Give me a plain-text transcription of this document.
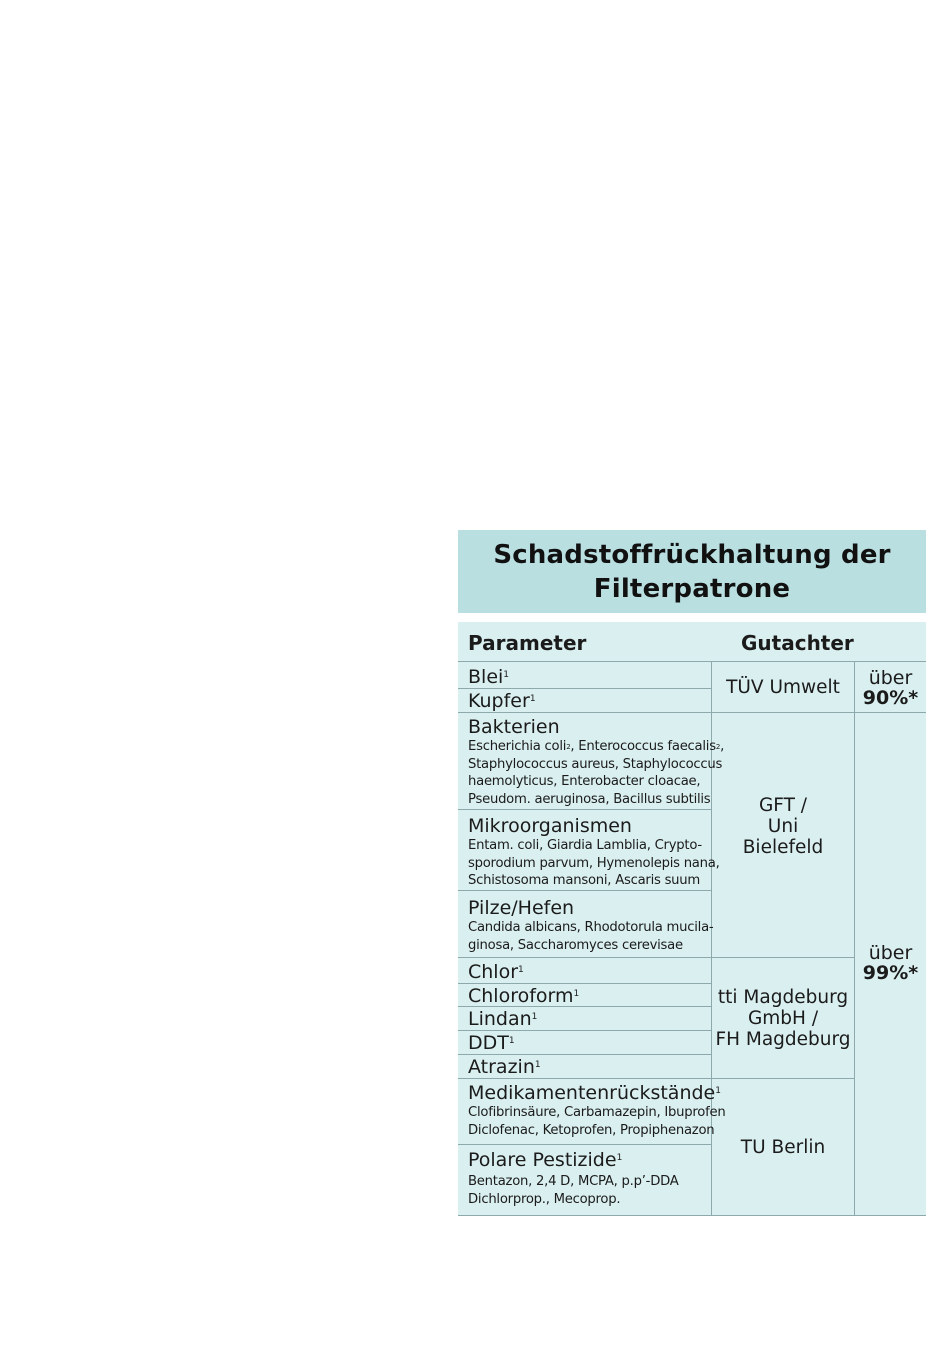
Schadstoffrückhaltung der
Filterpatrone
Parameter	Gutachter
Blei$^1$
Kupfer$^1$
Bakterien
Escherichia coli$^2$, Enterococcus faecalis$^2$,
Staphylococcus aureus, Staphylococcus
haemolyticus, Enterobacter cloacae,
Pseudom. aeruginosa, Bacillus subtilis
Mikroorganismen
Entam. coli, Giardia Lamblia, Crypto-
sporodium parvum, Hymenolepis nana,
Schistosoma mansoni, Ascaris suum
Pilze/Hefen
Candida albicans, Rhodotorula mucila-
ginosa, Saccharomyces cerevisae
Chlor$^1$
Chloroform$^1$
Lindan$^1$
DDT$^1$
Atrazin$^1$
Medikamentenrückstände$^1$
Clofibrinsäure, Carbamazepin, Ibuprofen
Diclofenac, Ketoprofen, Propiphenazon
Polare Pestizide$^1$
Bentazon, 2,4 D, MCPA, p.p’-DDA
Dichlorprop., Mecoprop.
TÜV Umwelt
GFT /
Uni
Bielefeld
tti Magdeburg
GmbH /
FH Magdeburg
TU Berlin
über
90%*
über
99%*
